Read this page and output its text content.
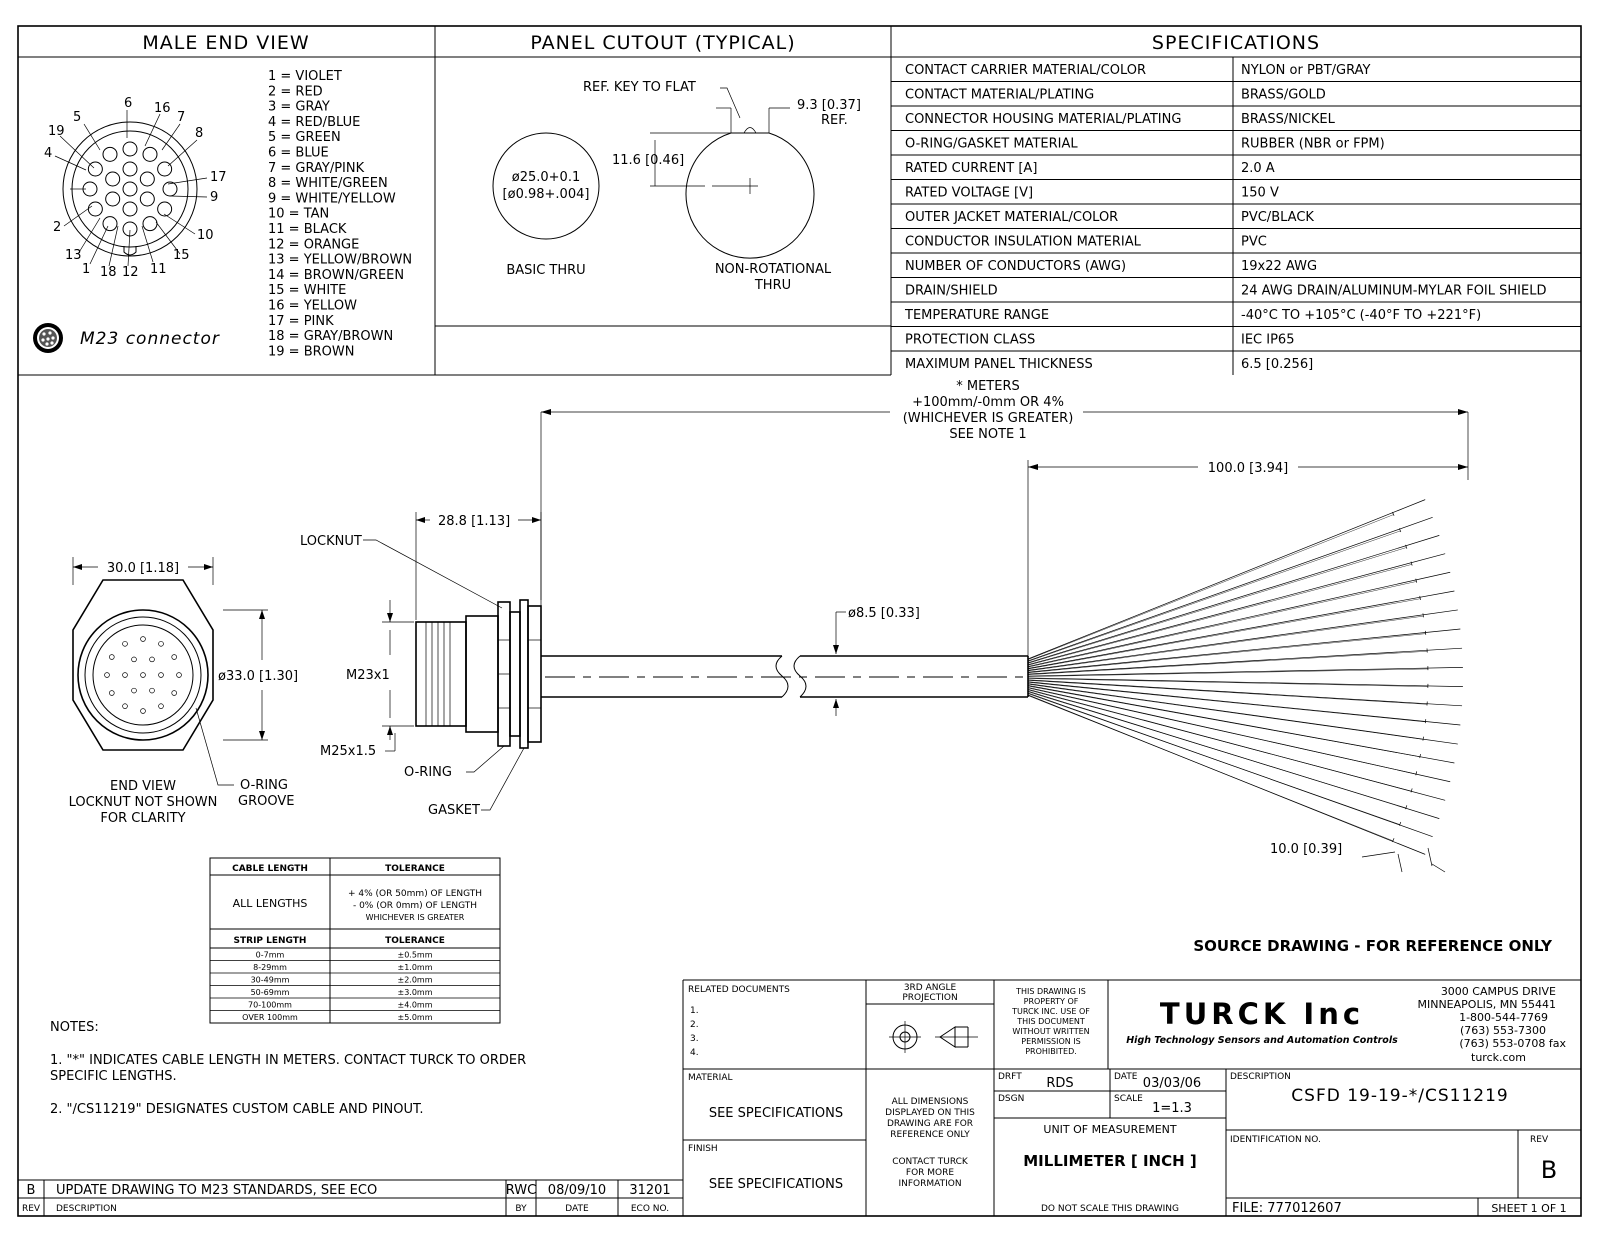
MALE END VIEW	PANEL CUTOUT (TYPICAL)	SPECIFICATIONS
6 16
5	7
19	8
4
17
9
2
10
13	15
1 18 12 11
1 = VIOLET
2 = RED
3 = GRAY
4 = RED/BLUE
5 = GREEN
6 = BLUE
7 = GRAY/PINK
8 = WHITE/GREEN
9 = WHITE/YELLOW
10 = TAN
11 = BLACK
12 = ORANGE
13 = YELLOW/BROWN
14 = BROWN/GREEN
15 = WHITE
16 = YELLOW
17 = PINK
18 = GRAY/BROWN
19 = BROWN
M23 connector
ø25.0+0.1
[ø0.98+.004]
BASIC THRU
REF. KEY TO FLAT
9.3 [0.37]
REF.
11.6 [0.46]
NON-ROTATIONAL
THRU
CONTACT CARRIER MATERIAL/COLOR	NYLON or PBT/GRAY
CONTACT MATERIAL/PLATING	BRASS/GOLD
CONNECTOR HOUSING MATERIAL/PLATING	BRASS/NICKEL
O-RING/GASKET MATERIAL	RUBBER (NBR or FPM)
RATED CURRENT [A]	2.0 A
RATED VOLTAGE [V]	150 V
OUTER JACKET MATERIAL/COLOR	PVC/BLACK
CONDUCTOR INSULATION MATERIAL	PVC
NUMBER OF CONDUCTORS (AWG)	19x22 AWG
DRAIN/SHIELD	24 AWG DRAIN/ALUMINUM-MYLAR FOIL SHIELD
TEMPERATURE RANGE	-40°C TO +105°C (-40°F TO +221°F)
PROTECTION CLASS	IEC IP65
MAXIMUM PANEL THICKNESS	6.5 [0.256]
* METERS
+100mm/-0mm OR 4%
(WHICHEVER IS GREATER)
SEE NOTE 1
100.0 [3.94]
30.0 [1.18]
ø33.0 [1.30]
O-RING
GROOVE
END VIEW
LOCKNUT NOT SHOWN
FOR CLARITY
M23x1
M25x1.5
28.8 [1.13]
LOCKNUT
O-RING
GASKET
ø8.5 [0.33]
10.0 [0.39]
SOURCE DRAWING - FOR REFERENCE ONLY
CABLE LENGTH	TOLERANCE
ALL LENGTHS
+ 4% (OR 50mm) OF LENGTH
- 0% (OR 0mm) OF LENGTH
WHICHEVER IS GREATER
STRIP LENGTH	TOLERANCE
0-7mm	±0.5mm
8-29mm	±1.0mm
30-49mm	±2.0mm
50-69mm	±3.0mm
70-100mm	±4.0mm
OVER 100mm	±5.0mm
NOTES:
1. "*" INDICATES CABLE LENGTH IN METERS. CONTACT TURCK TO ORDER
SPECIFIC LENGTHS.
2. "/CS11219" DESIGNATES CUSTOM CABLE AND PINOUT.
B UPDATE DRAWING TO M23 STANDARDS, SEE ECO	RWC 08/09/10 31201
REV DESCRIPTION	BY	DATE	ECO NO.
RELATED DOCUMENTS
1.
2.
3.
4.
MATERIAL
SEE SPECIFICATIONS
FINISH
SEE SPECIFICATIONS
3RD ANGLE
PROJECTION
ALL DIMENSIONS
DISPLAYED ON THIS
DRAWING ARE FOR
REFERENCE ONLY
CONTACT TURCK
FOR MORE
INFORMATION
THIS DRAWING IS
PROPERTY OF
TURCK INC. USE OF
THIS DOCUMENT
WITHOUT WRITTEN
PERMISSION IS
PROHIBITED.
TURCK Inc
High Technology Sensors and Automation Controls
3000 CAMPUS DRIVE
MINNEAPOLIS, MN 55441
1-800-544-7769
(763) 553-7300
(763) 553-0708 fax
turck.com
DRFT RDS	DATE 03/03/06
DSGN	SCALE
1=1.3
UNIT OF MEASUREMENT
MILLIMETER [ INCH ]
DO NOT SCALE THIS DRAWING
DESCRIPTION
CSFD 19-19-*/CS11219
IDENTIFICATION NO.	REV
B
FILE: 777012607	SHEET 1 OF 1
